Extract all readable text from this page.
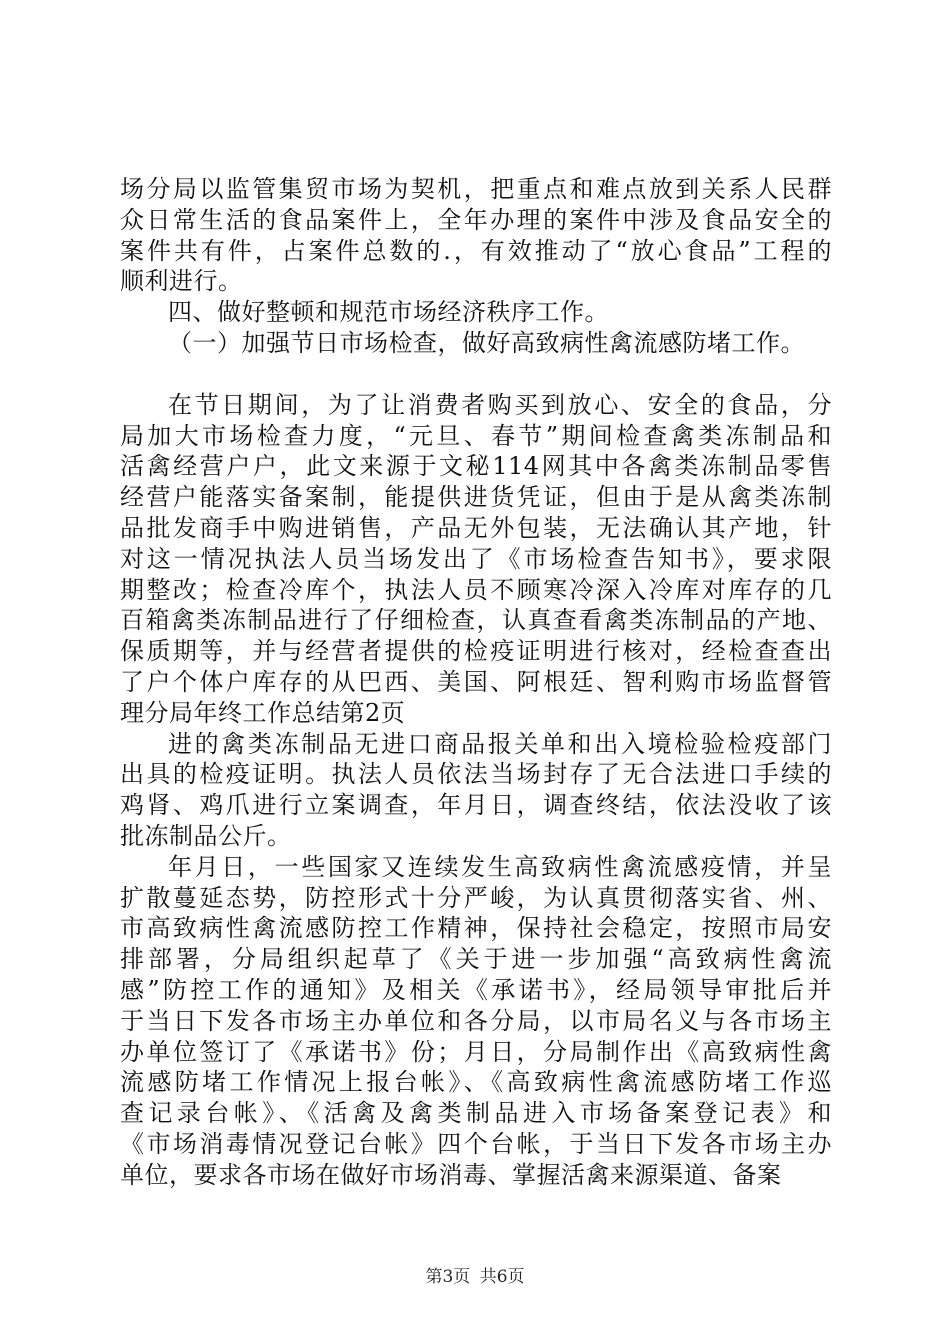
场分局以监管集贸市场为契机，把重点和难点放到关系人民群
众日常生活的食品案件上，全年办理的案件中涉及食品安全的
案件共有件，占案件总数的.，有效推动了“放心食品”工程的
顺利进行。
四、做好整顿和规范市场经济秩序工作。
（一）加强节日市场检查，做好高致病性禽流感防堵工作。
在节日期间，为了让消费者购买到放心、安全的食品，分
局加大市场检查力度，“元旦、春节”期间检查禽类冻制品和
活禽经营户户，此文来源于文秘114网其中各禽类冻制品零售
经营户能落实备案制，能提供进货凭证，但由于是从禽类冻制
品批发商手中购进销售，产品无外包装，无法确认其产地，针
对这一情况执法人员当场发出了《市场检查告知书》，要求限
期整改；检查冷库个，执法人员不顾寒冷深入冷库对库存的几
百箱禽类冻制品进行了仔细检查，认真查看禽类冻制品的产地、
保质期等，并与经营者提供的检疫证明进行核对，经检查查出
了户个体户库存的从巴西、美国、阿根廷、智利购市场监督管
理分局年终工作总结第2页
进的禽类冻制品无进口商品报关单和出入境检验检疫部门
出具的检疫证明。执法人员依法当场封存了无合法进口手续的
鸡肾、鸡爪进行立案调查，年月日，调查终结，依法没收了该
批冻制品公斤。
年月日，一些国家又连续发生高致病性禽流感疫情，并呈
扩散蔓延态势，防控形式十分严峻，为认真贯彻落实省、州、
市高致病性禽流感防控工作精神，保持社会稳定，按照市局安
排部署，分局组织起草了《关于进一步加强“高致病性禽流
感”防控工作的通知》及相关《承诺书》，经局领导审批后并
于当日下发各市场主办单位和各分局，以市局名义与各市场主
办单位签订了《承诺书》份；月日，分局制作出《高致病性禽
流感防堵工作情况上报台帐》、《高致病性禽流感防堵工作巡
查记录台帐》、《活禽及禽类制品进入市场备案登记表》和
《市场消毒情况登记台帐》四个台帐，于当日下发各市场主办
单位，要求各市场在做好市场消毒、掌握活禽来源渠道、备案
第3页 共6页
